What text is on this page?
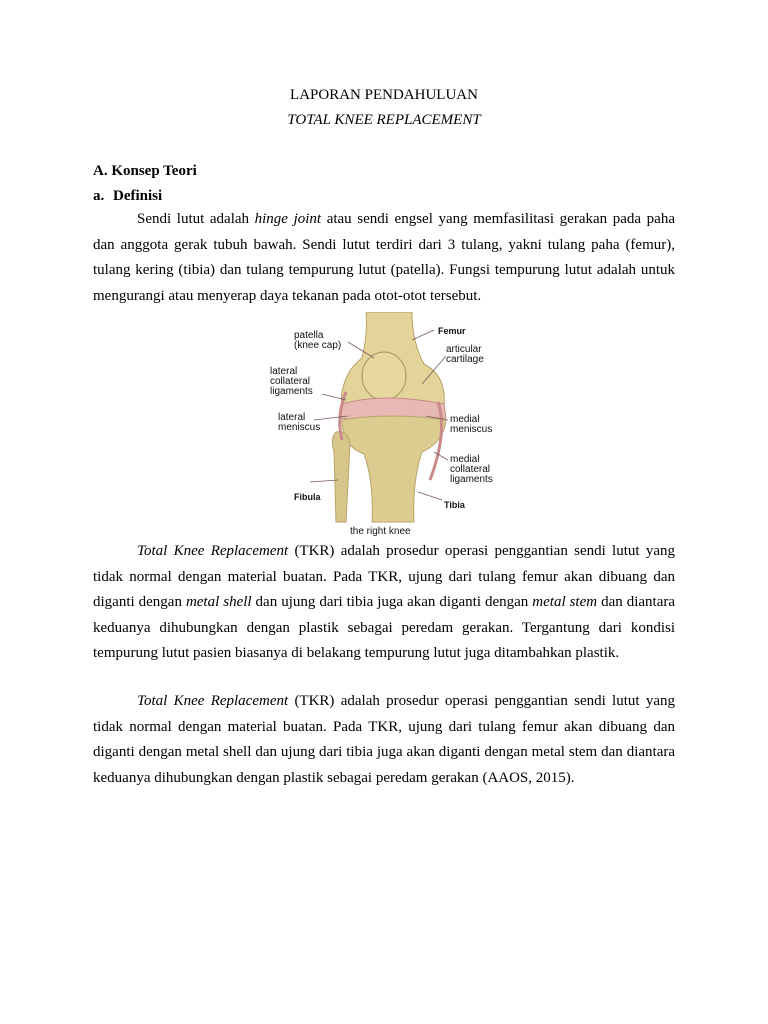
LAPORAN PENDAHULUAN
TOTAL KNEE REPLACEMENT
A. Konsep Teori
a. Definisi

Sendi lutut adalah hinge joint atau sendi engsel yang memfasilitasi gerakan pada paha dan anggota gerak tubuh bawah. Sendi lutut terdiri dari 3 tulang, yakni tulang paha (femur), tulang kering (tibia) dan tulang tempurung lutut (patella). Fungsi tempurung lutut adalah untuk mengurangi atau menyerap daya tekanan pada otot-otot tersebut.

patella
(knee cap)
Femur
articular
cartilage
lateral
collateral
ligaments
lateral
meniscus
medial
meniscus
medial
collateral
ligaments
Fibula
Tibia
the right knee

Total Knee Replacement (TKR) adalah prosedur operasi penggantian sendi lutut yang tidak normal dengan material buatan. Pada TKR, ujung dari tulang femur akan dibuang dan diganti dengan metal shell dan ujung dari tibia juga akan diganti dengan metal stem dan diantara keduanya dihubungkan dengan plastik sebagai peredam gerakan. Tergantung dari kondisi tempurung lutut pasien biasanya di belakang tempurung lutut juga ditambahkan plastik.

Total Knee Replacement (TKR) adalah prosedur operasi penggantian sendi lutut yang tidak normal dengan material buatan. Pada TKR, ujung dari tulang femur akan dibuang dan diganti dengan metal shell dan ujung dari tibia juga akan diganti dengan metal stem dan diantara keduanya dihubungkan dengan plastik sebagai peredam gerakan (AAOS, 2015).
